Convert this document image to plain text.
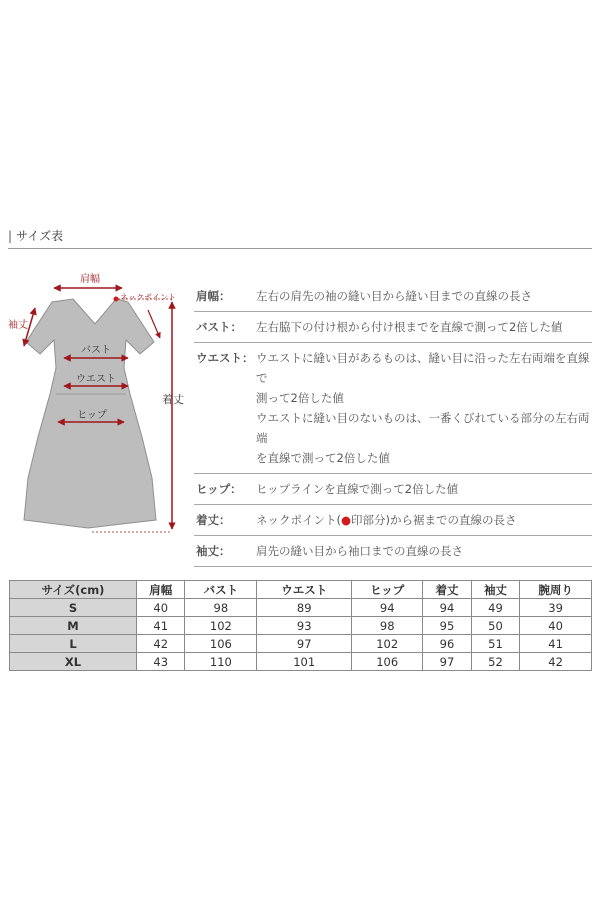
| サイズ表
肩幅
ネックポイント
袖丈
バスト
ウエスト
ヒップ
着丈
肩幅：	左右の肩先の袖の縫い目から縫い目までの直線の長さ

バスト：	左右脇下の付け根から付け根までを直線で測って2倍した値

ウエスト： ウエストに縫い目があるものは、縫い目に沿った左右両端を直線で

測って2倍した値

ウエストに縫い目のないものは、一番くびれている部分の左右両端

を直線で測って2倍した値

ヒップ：	ヒップラインを直線で測って2倍した値

着丈：	ネックポイント(●印部分)から裾までの直線の長さ

袖丈：	肩先の縫い目から袖口までの直線の長さ

サイズ(cm)	肩幅	バスト	ウエスト	ヒップ	着丈	袖丈	腕周り
S	40	98	89	94	94	49	39
M	41	102	93	98	95	50	40
L	42	106	97	102	96	51	41
XL	43	110	101	106	97	52	42
